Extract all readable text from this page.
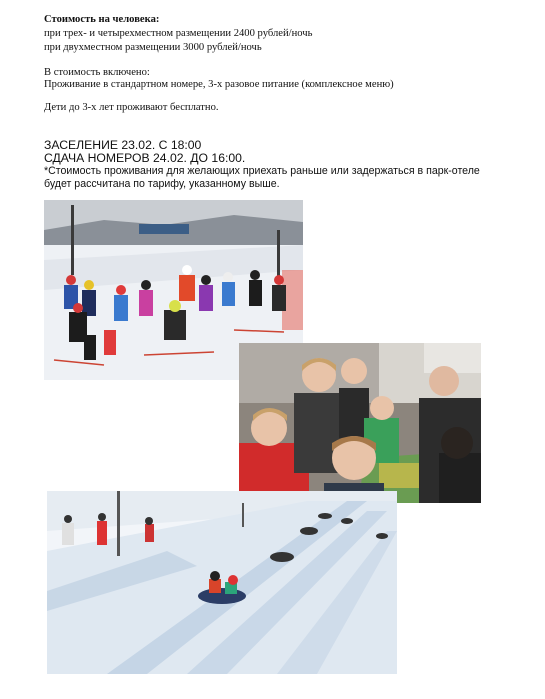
Стоимость на человека:
при трех- и четырехместном размещении 2400 рублей/ночь
при двухместном размещении 3000 рублей/ночь
В стоимость включено:
Проживание в стандартном номере, 3-х разовое питание (комплексное меню)
Дети до 3-х лет проживают бесплатно.
ЗАСЕЛЕНИЕ 23.02. С 18:00
СДАЧА НОМЕРОВ 24.02. ДО 16:00.
*Стоимость проживания для желающих приехать раньше или задержаться в парк-отеле
будет рассчитана по тарифу, указанному выше.
